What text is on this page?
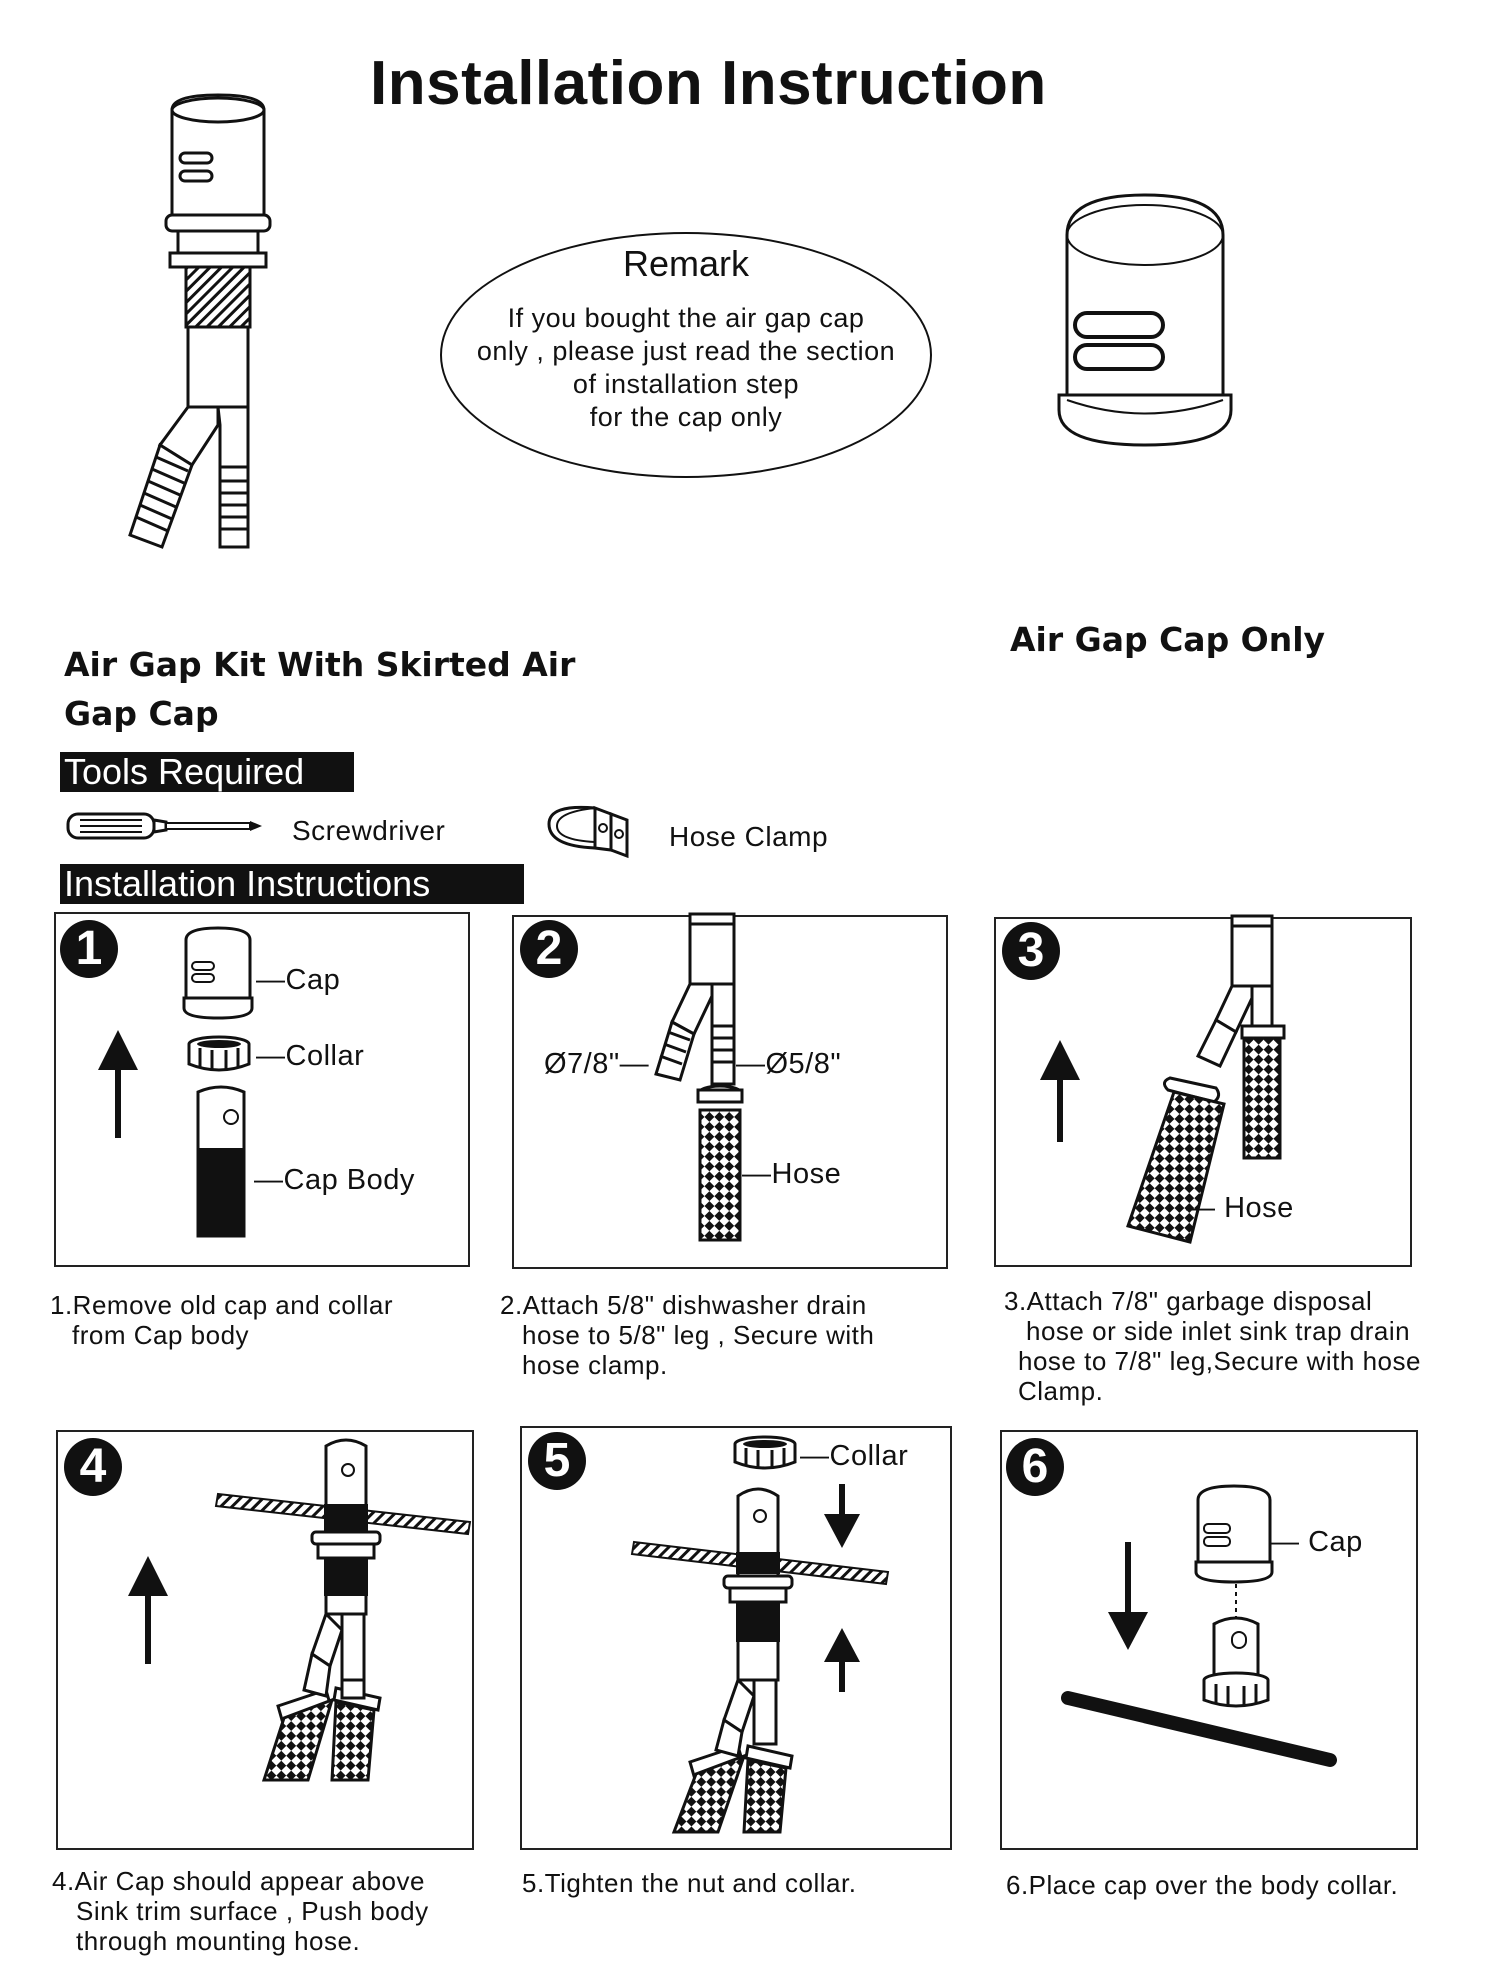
Installation Instruction
Remark
If you bought the air gap cap
only , please just read the section
of installation step
for the cap only
Air Gap Kit With Skirted Air
Gap Cap
Air Gap Cap Only
Tools Required
Screwdriver	Hose Clamp
Installation Instructions
1
—Cap
—Collar
—Cap Body
1.Remove old cap and collar
from Cap body
2
Ø7/8"—	—Ø5/8"
—Hose
2.Attach 5/8" dishwasher drain
hose to 5/8" leg , Secure with
hose clamp.
3
— Hose
3.Attach 7/8" garbage disposal
hose or side inlet sink trap drain
hose to 7/8" leg,Secure with hose
Clamp.
4
4.Air Cap should appear above
Sink trim surface , Push body
through mounting hose.
5	—Collar
5.Tighten the nut and collar.
6
— Cap
6.Place cap over the body collar.
